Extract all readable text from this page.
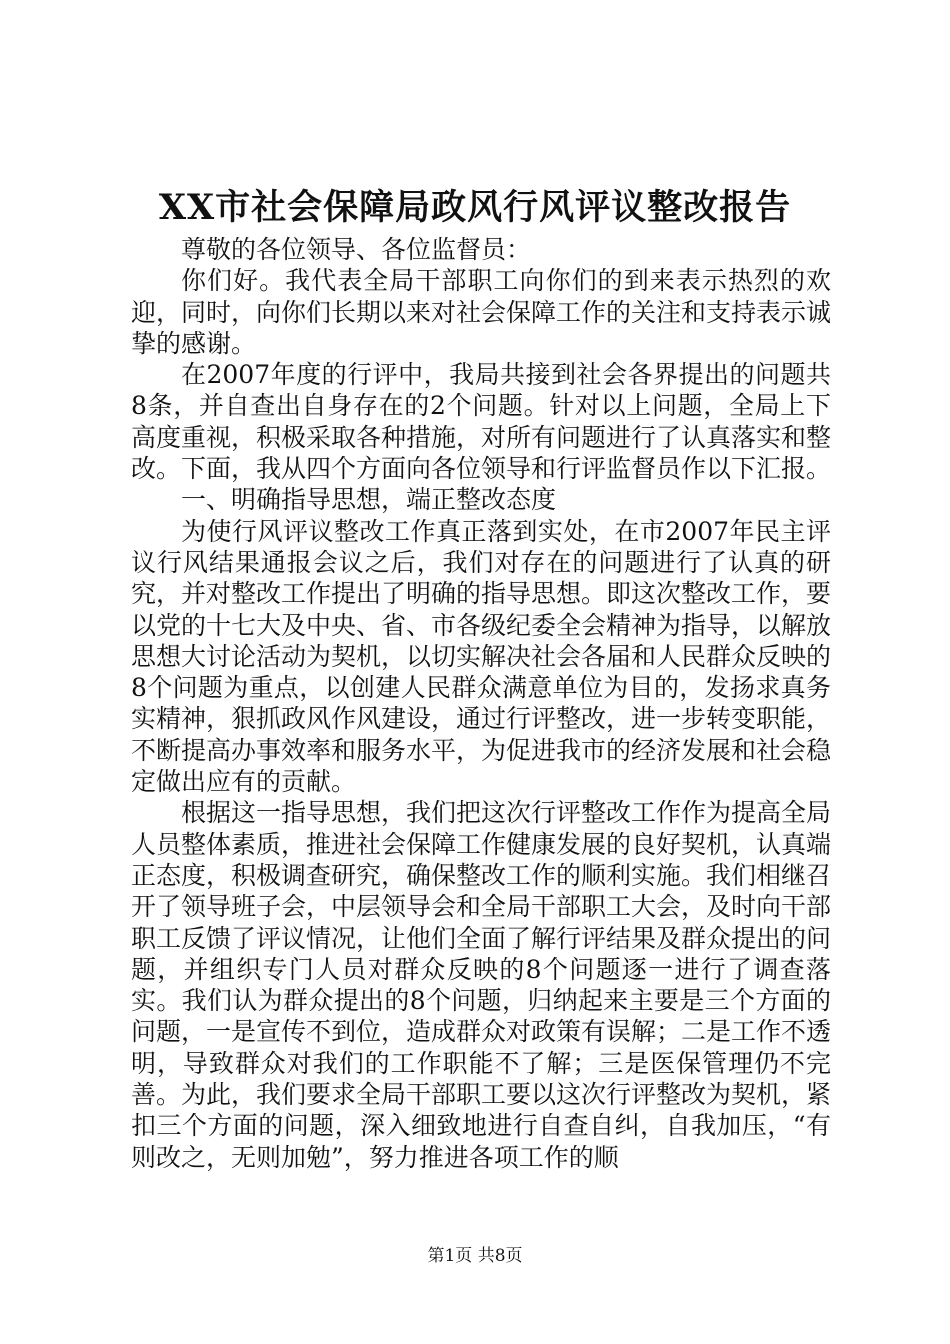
XX市社会保障局政风行风评议整改报告

尊敬的各位领导、各位监督员：

你们好。我代表全局干部职工向你们的到来表示热烈的欢迎，同时，向你们长期以来对社会保障工作的关注和支持表示诚挚的感谢。

在2007年度的行评中，我局共接到社会各界提出的问题共8条，并自查出自身存在的2个问题。针对以上问题，全局上下高度重视，积极采取各种措施，对所有问题进行了认真落实和整改。下面，我从四个方面向各位领导和行评监督员作以下汇报。

一、明确指导思想，端正整改态度

为使行风评议整改工作真正落到实处，在市2007年民主评议行风结果通报会议之后，我们对存在的问题进行了认真的研究，并对整改工作提出了明确的指导思想。即这次整改工作，要以党的十七大及中央、省、市各级纪委全会精神为指导，以解放思想大讨论活动为契机，以切实解决社会各届和人民群众反映的8个问题为重点，以创建人民群众满意单位为目的，发扬求真务实精神，狠抓政风作风建设，通过行评整改，进一步转变职能，不断提高办事效率和服务水平，为促进我市的经济发展和社会稳定做出应有的贡献。

根据这一指导思想，我们把这次行评整改工作作为提高全局人员整体素质，推进社会保障工作健康发展的良好契机，认真端正态度，积极调查研究，确保整改工作的顺利实施。我们相继召开了领导班子会，中层领导会和全局干部职工大会，及时向干部职工反馈了评议情况，让他们全面了解行评结果及群众提出的问题，并组织专门人员对群众反映的8个问题逐一进行了调查落实。我们认为群众提出的8个问题，归纳起来主要是三个方面的问题，一是宣传不到位，造成群众对政策有误解；二是工作不透明，导致群众对我们的工作职能不了解；三是医保管理仍不完善。为此，我们要求全局干部职工要以这次行评整改为契机，紧扣三个方面的问题，深入细致地进行自查自纠，自我加压，“有则改之，无则加勉”，努力推进各项工作的顺

第1页 共8页
